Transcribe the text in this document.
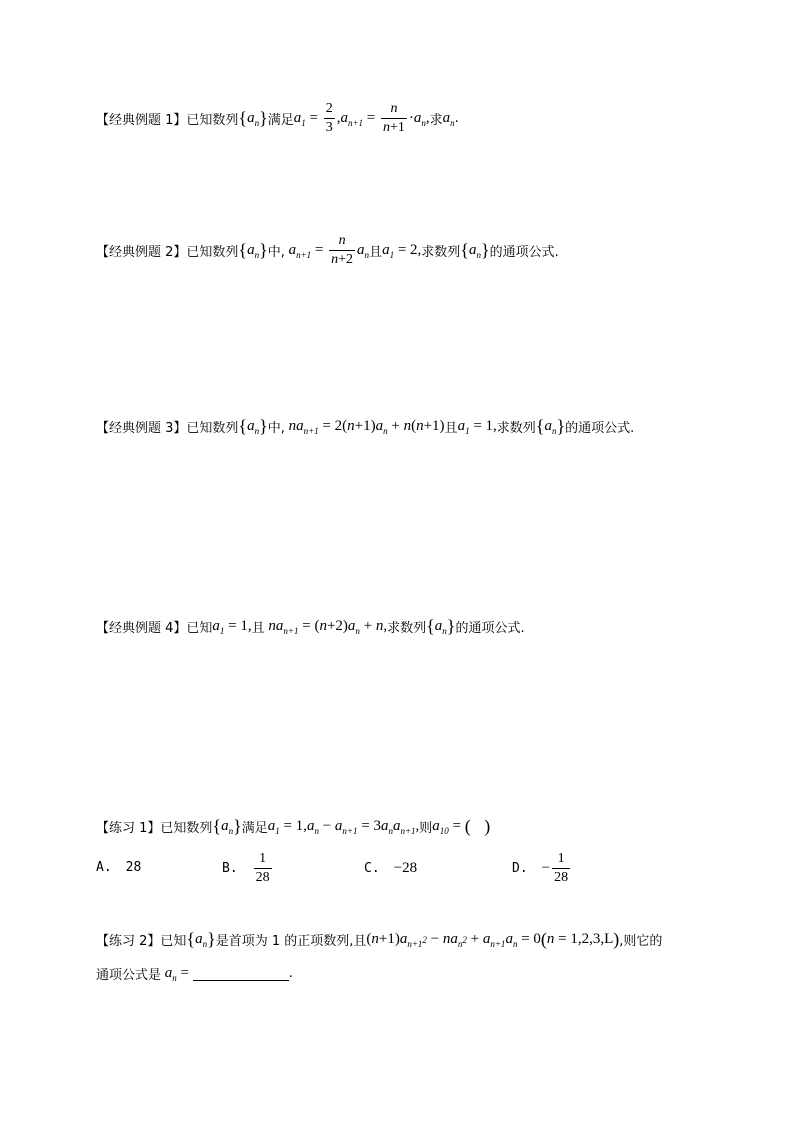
【经典例题 1】 已知数列 { $a_n$ } 满足 $a_1 = \frac{2}{3}$ , $a_{n+1} = \frac{n}{n+1} \cdot a_n$ , 求 $a_n$ .
【经典例题 2】 已知数列 { $a_n$ } 中, $a_{n+1} = \frac{n}{n+2} a_n$ 且 $a_1 = 2$, 求数列 { $a_n$ } 的通项公式.
【经典例题 3】 已知数列 { $a_n$ } 中, $na_{n+1} = 2$( n +1) $a_n + n$ ( n +1) 且 $a_1 = 1$, 求数列 { $a_n$ } 的通项公式.
【经典例题 4】 已知 $a_1 = 1$, 且 $na_{n+1}$ = ( n +2) $a_n + n$ , 求数列 { $a_n$ } 的通项公式.
【练习 1】 已知数列 { $a_n$ } 满足 $a_1 = 1$, $a_n - a_{n+1} = 3$ $a_na_{n+1}$ , 则 $a_{10}$ = (   )
A. 28	B. $\frac{1}{28}$	C. −28	D. − $\frac{1}{28}$
【练习 2】 已知 { $a_n$ } 是首项为 1 的正项数列,且 ( n +1) $a_{n+1}$ $2 - na_n$ $2 + a_{n+1}a_n = 0$ ( n = 1,2,3,L ) ,则它的
通项公式是 $a_n$ =	.
